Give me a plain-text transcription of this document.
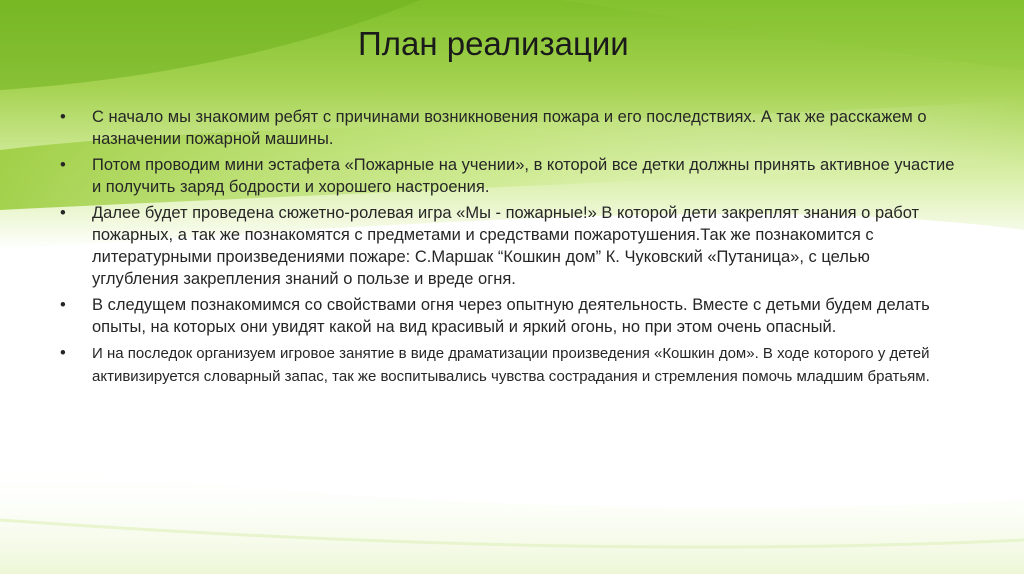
План реализации
•	С начало мы знакомим ребят с причинами возникновения пожара и его последствиях. А так же расскажем о назначении пожарной машины.
•	Потом проводим мини эстафета «Пожарные на учении», в которой все детки должны принять активное участие и получить заряд бодрости и хорошего настроения.
•	Далее будет проведена сюжетно-ролевая игра «Мы - пожарные!» В которой дети закреплят знания о работ пожарных, а так же познакомятся с предметами и средствами пожаротушения.Так же познакомится с литературными произведениями пожаре: С.Маршак “Кошкин дом” К. Чуковский «Путаница», с целью углубления закрепления знаний о пользе и вреде огня.
•	В следущем познакомимся со свойствами огня через опытную деятельность. Вместе с детьми будем делать опыты, на которых они увидят какой на вид красивый и яркий огонь, но при этом очень опасный.
•	И на последок организуем игровое занятие в виде драматизации произведения «Кошкин дом». В ходе которого у детей активизируется словарный запас, так же воспитывались чувства сострадания и стремления помочь младшим братьям.
